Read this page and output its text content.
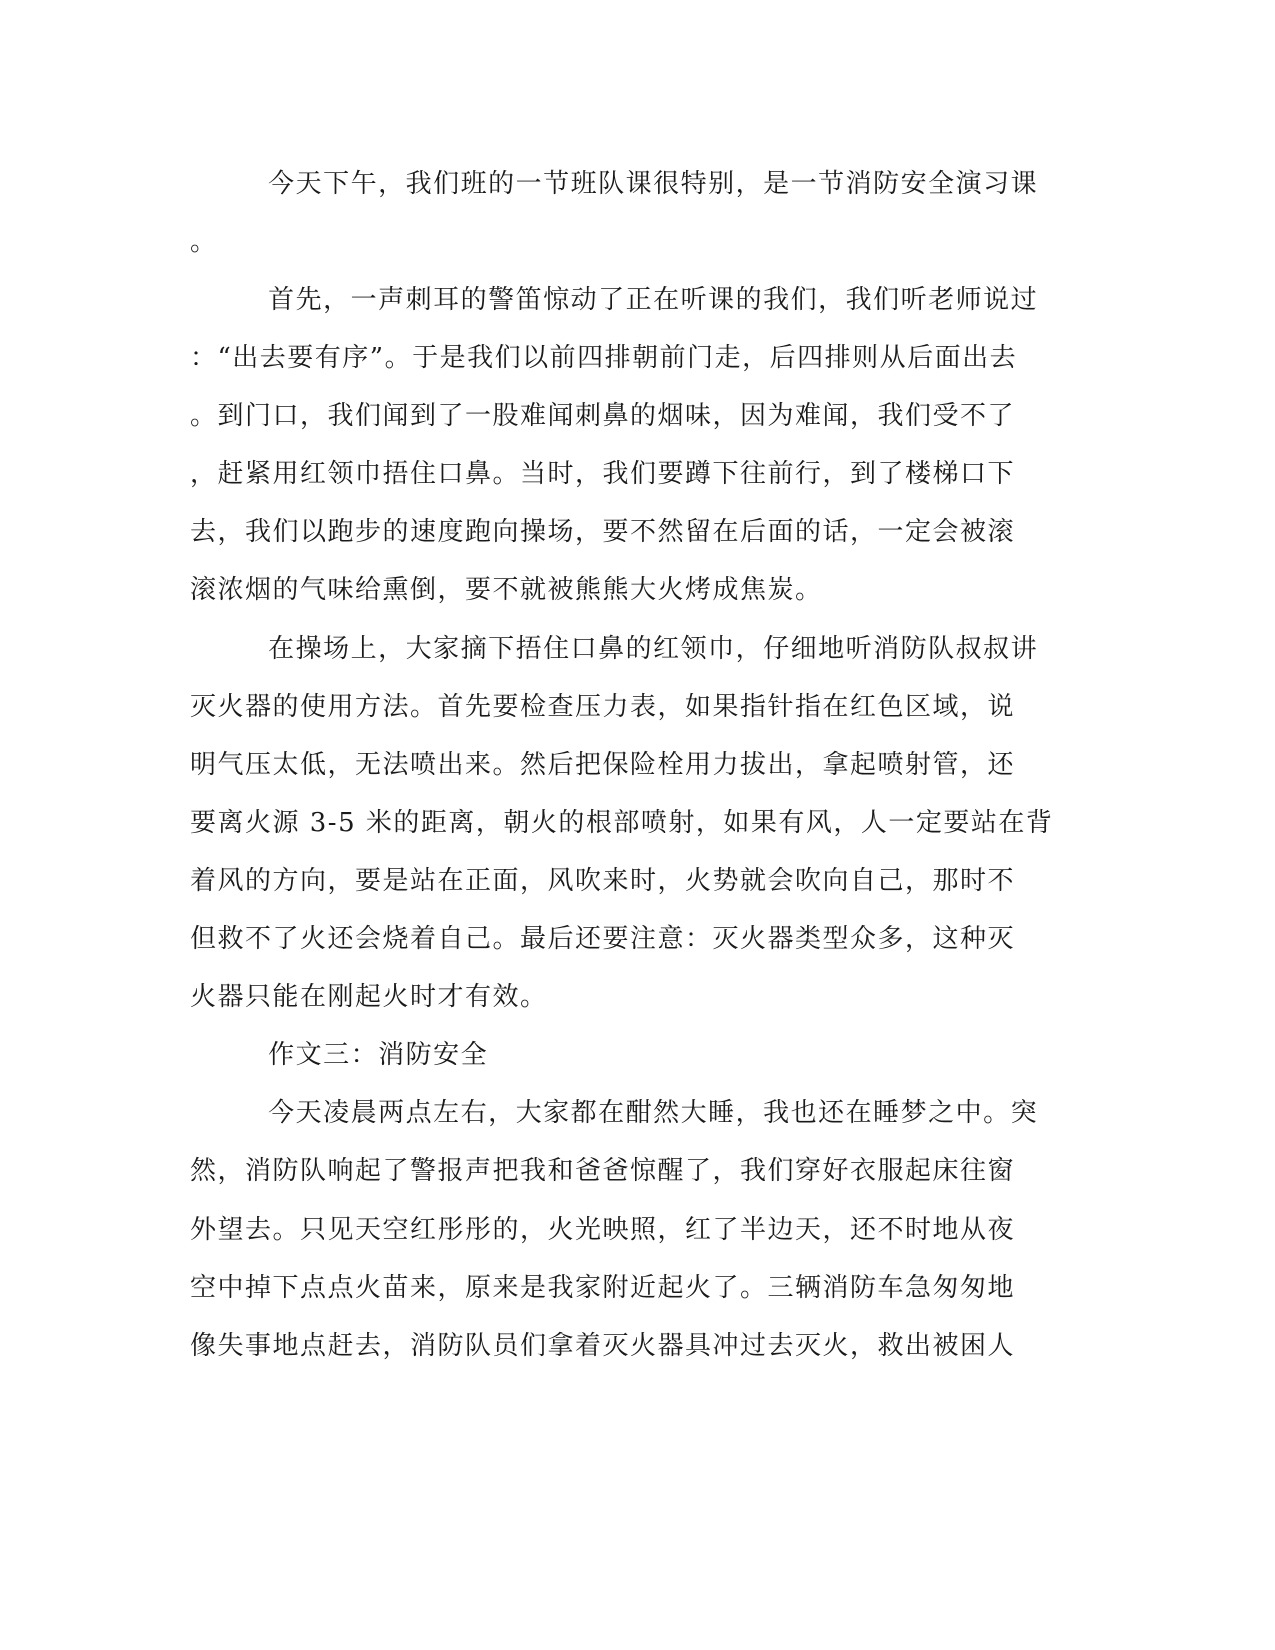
今天下午，我们班的一节班队课很特别，是一节消防安全演习课

。

首先，一声刺耳的警笛惊动了正在听课的我们，我们听老师说过

：“出去要有序”。于是我们以前四排朝前门走，后四排则从后面出去

。到门口，我们闻到了一股难闻刺鼻的烟味，因为难闻，我们受不了

，赶紧用红领巾捂住口鼻。当时，我们要蹲下往前行，到了楼梯口下

去，我们以跑步的速度跑向操场，要不然留在后面的话，一定会被滚

滚浓烟的气味给熏倒，要不就被熊熊大火烤成焦炭。

在操场上，大家摘下捂住口鼻的红领巾，仔细地听消防队叔叔讲

灭火器的使用方法。首先要检查压力表，如果指针指在红色区域，说

明气压太低，无法喷出来。然后把保险栓用力拔出，拿起喷射管，还

要离火源 3-5 米的距离，朝火的根部喷射，如果有风，人一定要站在背

着风的方向，要是站在正面，风吹来时，火势就会吹向自己，那时不

但救不了火还会烧着自己。最后还要注意：灭火器类型众多，这种灭

火器只能在刚起火时才有效。

作文三：消防安全

今天凌晨两点左右，大家都在酣然大睡，我也还在睡梦之中。突

然，消防队响起了警报声把我和爸爸惊醒了，我们穿好衣服起床往窗

外望去。只见天空红彤彤的，火光映照，红了半边天，还不时地从夜

空中掉下点点火苗来，原来是我家附近起火了。三辆消防车急匆匆地

像失事地点赶去，消防队员们拿着灭火器具冲过去灭火，救出被困人
